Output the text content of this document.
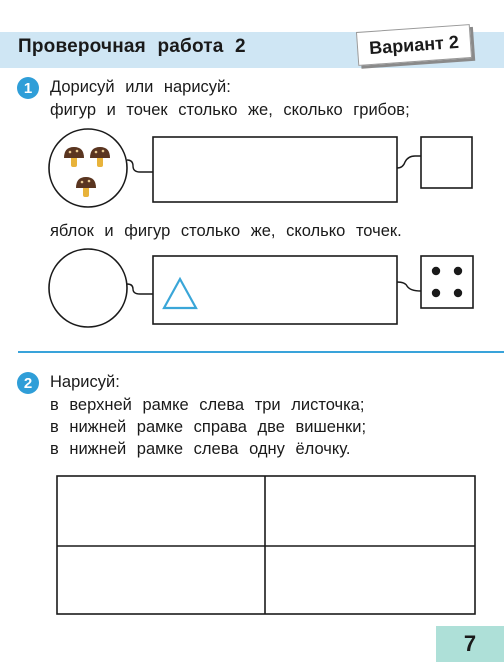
Проверочная работа 2	Вариант 2
1	Дорисуй или нарисуй:
фигур и точек столько же, сколько грибов;
яблок и фигур столько же, сколько точек.
2	Нарисуй:
в верхней рамке слева три листочка;
в нижней рамке справа две вишенки;
в нижней рамке слева одну ёлочку.
7
